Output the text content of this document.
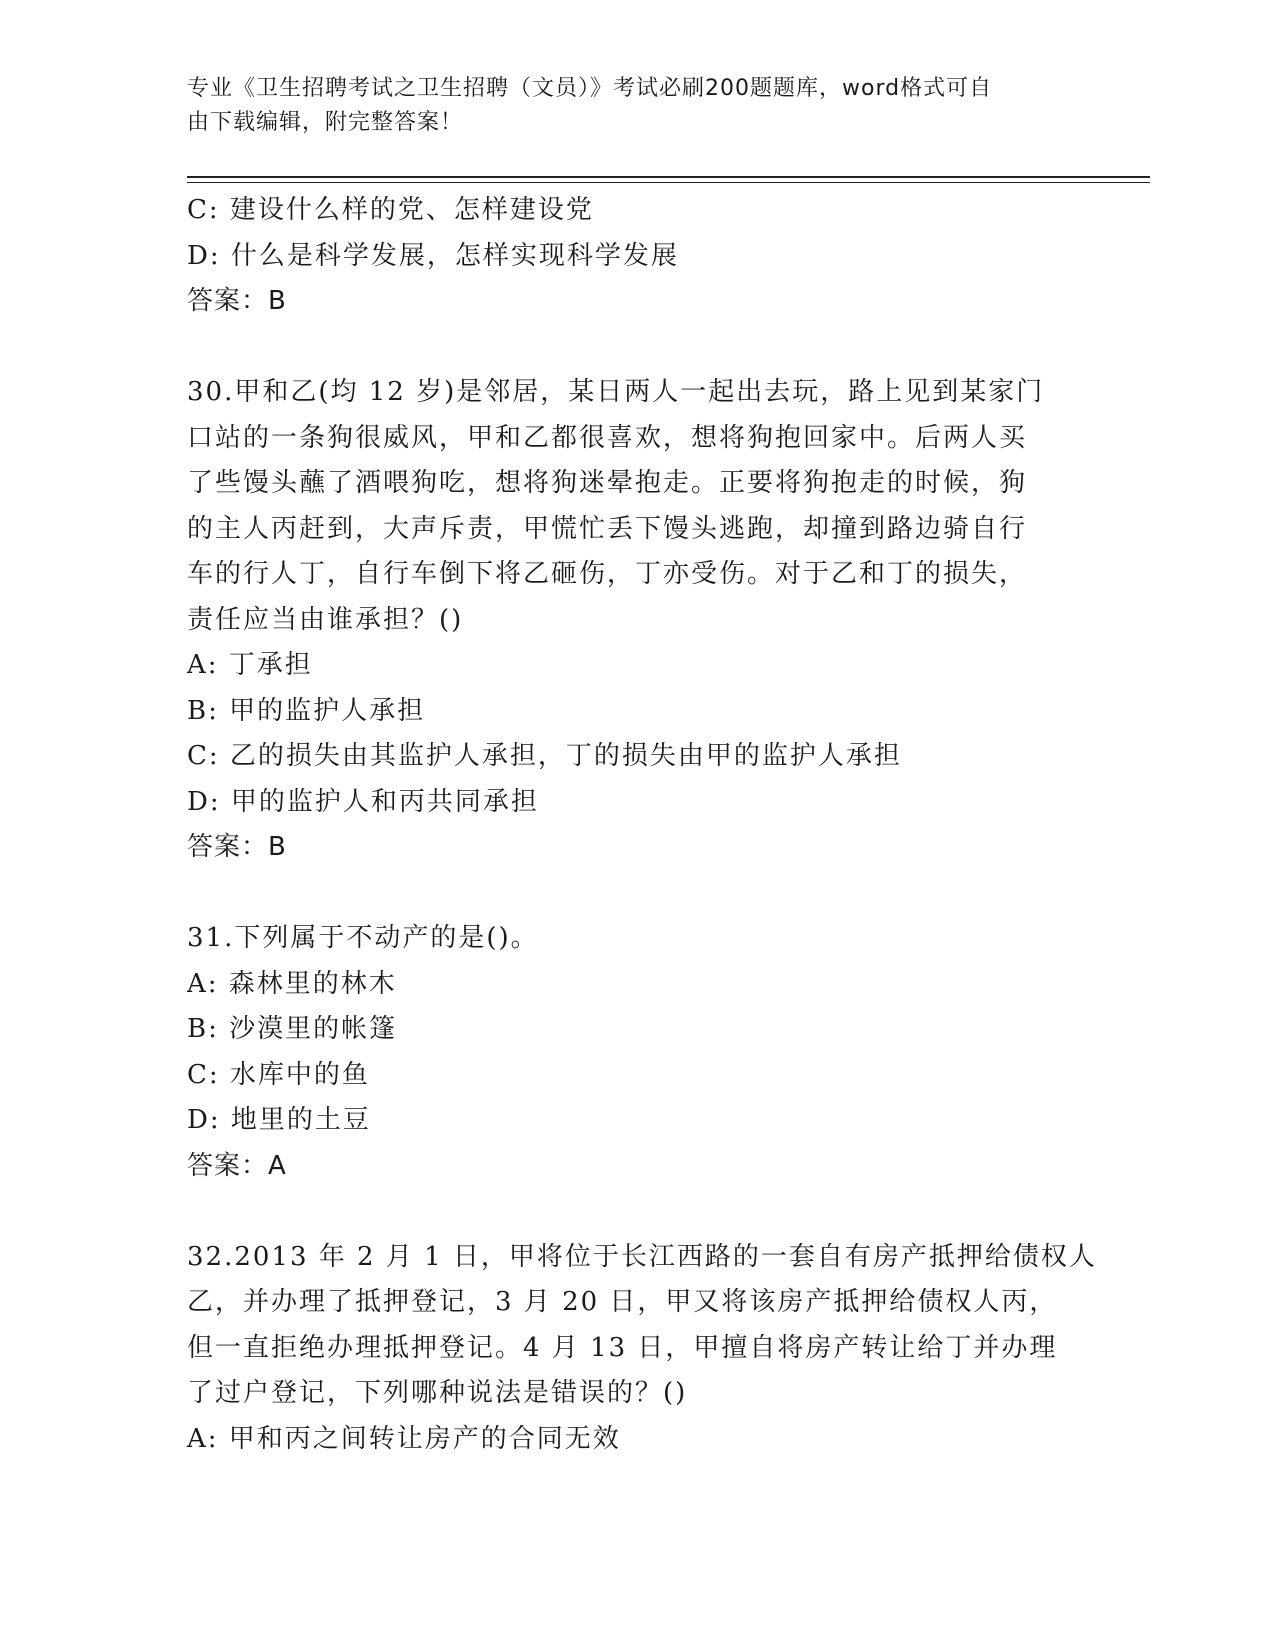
专业《卫生招聘考试之卫生招聘（文员）》考试必刷200题题库，word格式可自
由下载编辑，附完整答案！
C: 建设什么样的党、怎样建设党
D: 什么是科学发展，怎样实现科学发展
答案：B
30.甲和乙(均 12 岁)是邻居，某日两人一起出去玩，路上见到某家门
口站的一条狗很威风，甲和乙都很喜欢，想将狗抱回家中。后两人买
了些馒头蘸了酒喂狗吃，想将狗迷晕抱走。正要将狗抱走的时候，狗
的主人丙赶到，大声斥责，甲慌忙丢下馒头逃跑，却撞到路边骑自行
车的行人丁，自行车倒下将乙砸伤，丁亦受伤。对于乙和丁的损失，
责任应当由谁承担？()
A: 丁承担
B: 甲的监护人承担
C: 乙的损失由其监护人承担，丁的损失由甲的监护人承担
D: 甲的监护人和丙共同承担
答案：B
31.下列属于不动产的是()。
A: 森林里的林木
B: 沙漠里的帐篷
C: 水库中的鱼
D: 地里的土豆
答案：A
32.2013 年 2 月 1 日，甲将位于长江西路的一套自有房产抵押给债权人
乙，并办理了抵押登记，3 月 20 日，甲又将该房产抵押给债权人丙，
但一直拒绝办理抵押登记。4 月 13 日，甲擅自将房产转让给丁并办理
了过户登记，下列哪种说法是错误的？()
A: 甲和丙之间转让房产的合同无效
